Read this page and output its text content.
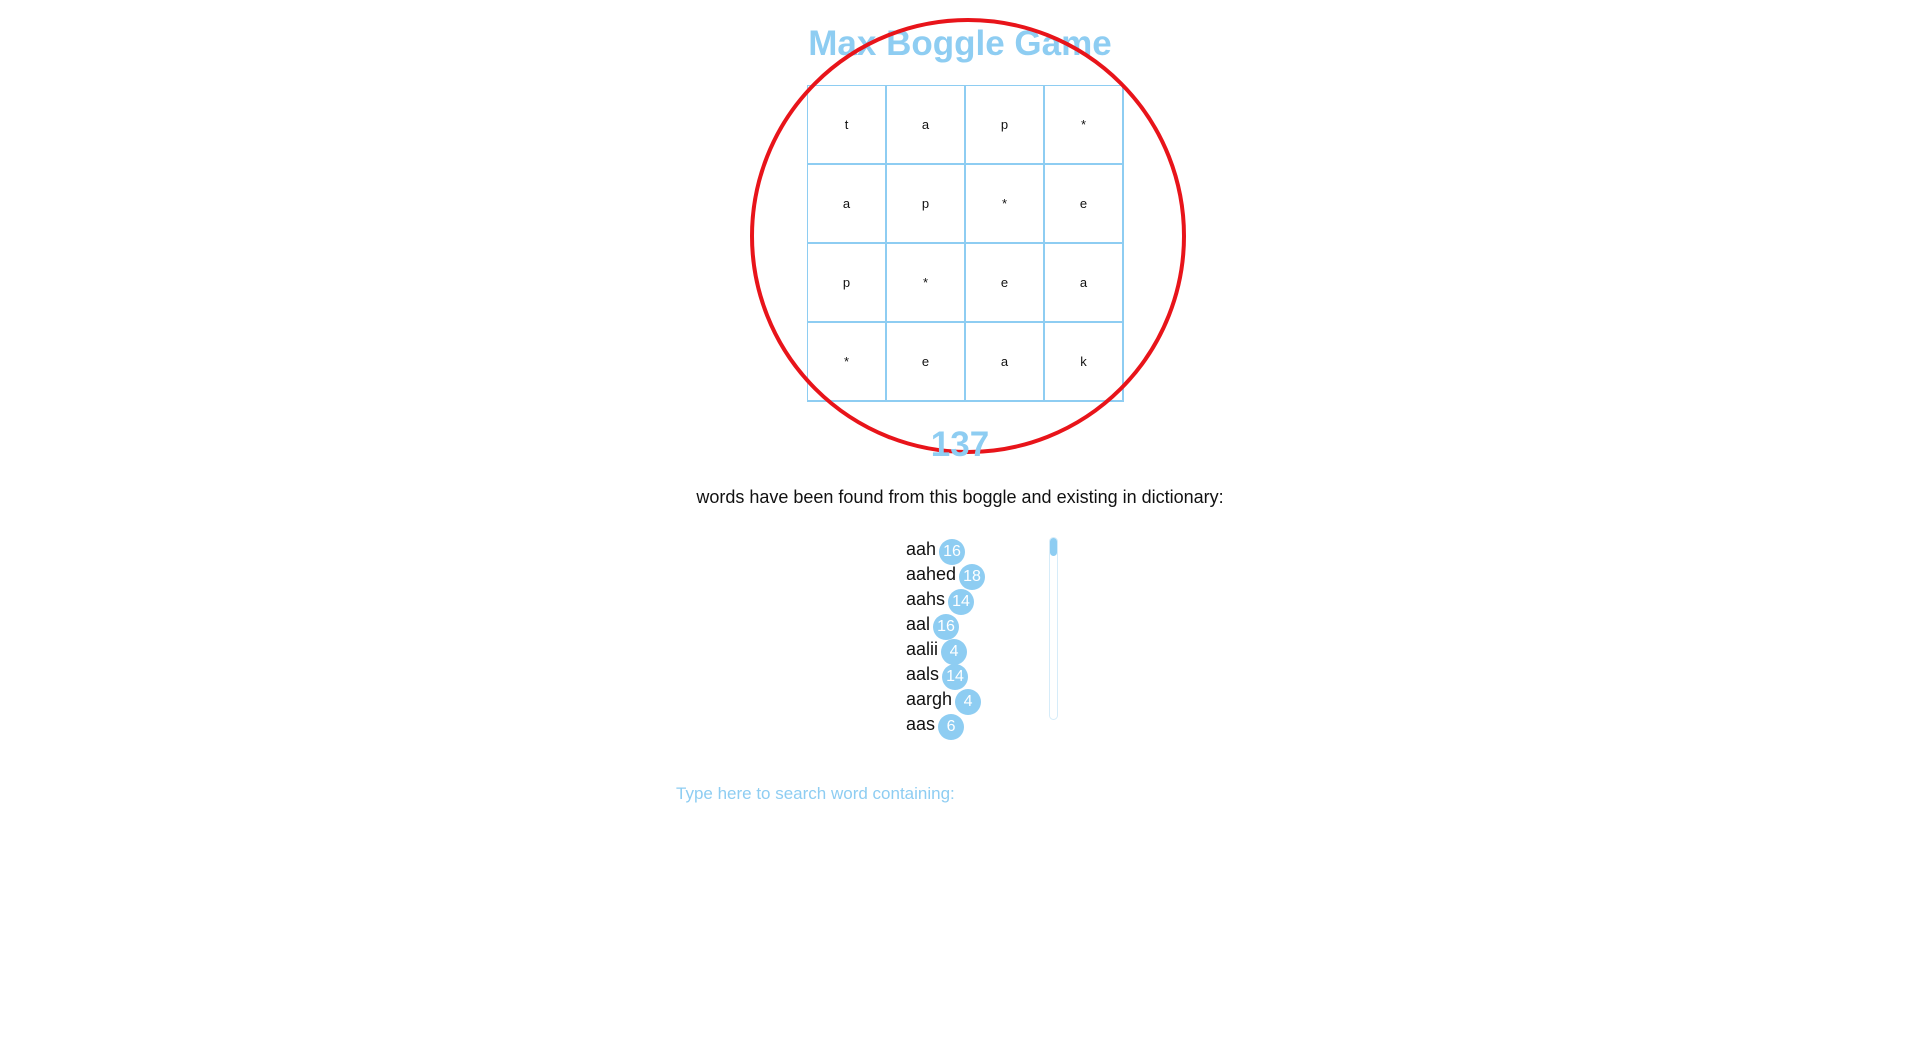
Max Boggle Game
t	a	p	*
a	p	*	e
p	*	e	a
*	e	a	k
137
words have been found from this boggle and existing in dictionary:
aah 16
aahed 18
aahs 14
aal 16
aalii 4
aals 14
aargh 4
aas 6
Type here to search word containing:
